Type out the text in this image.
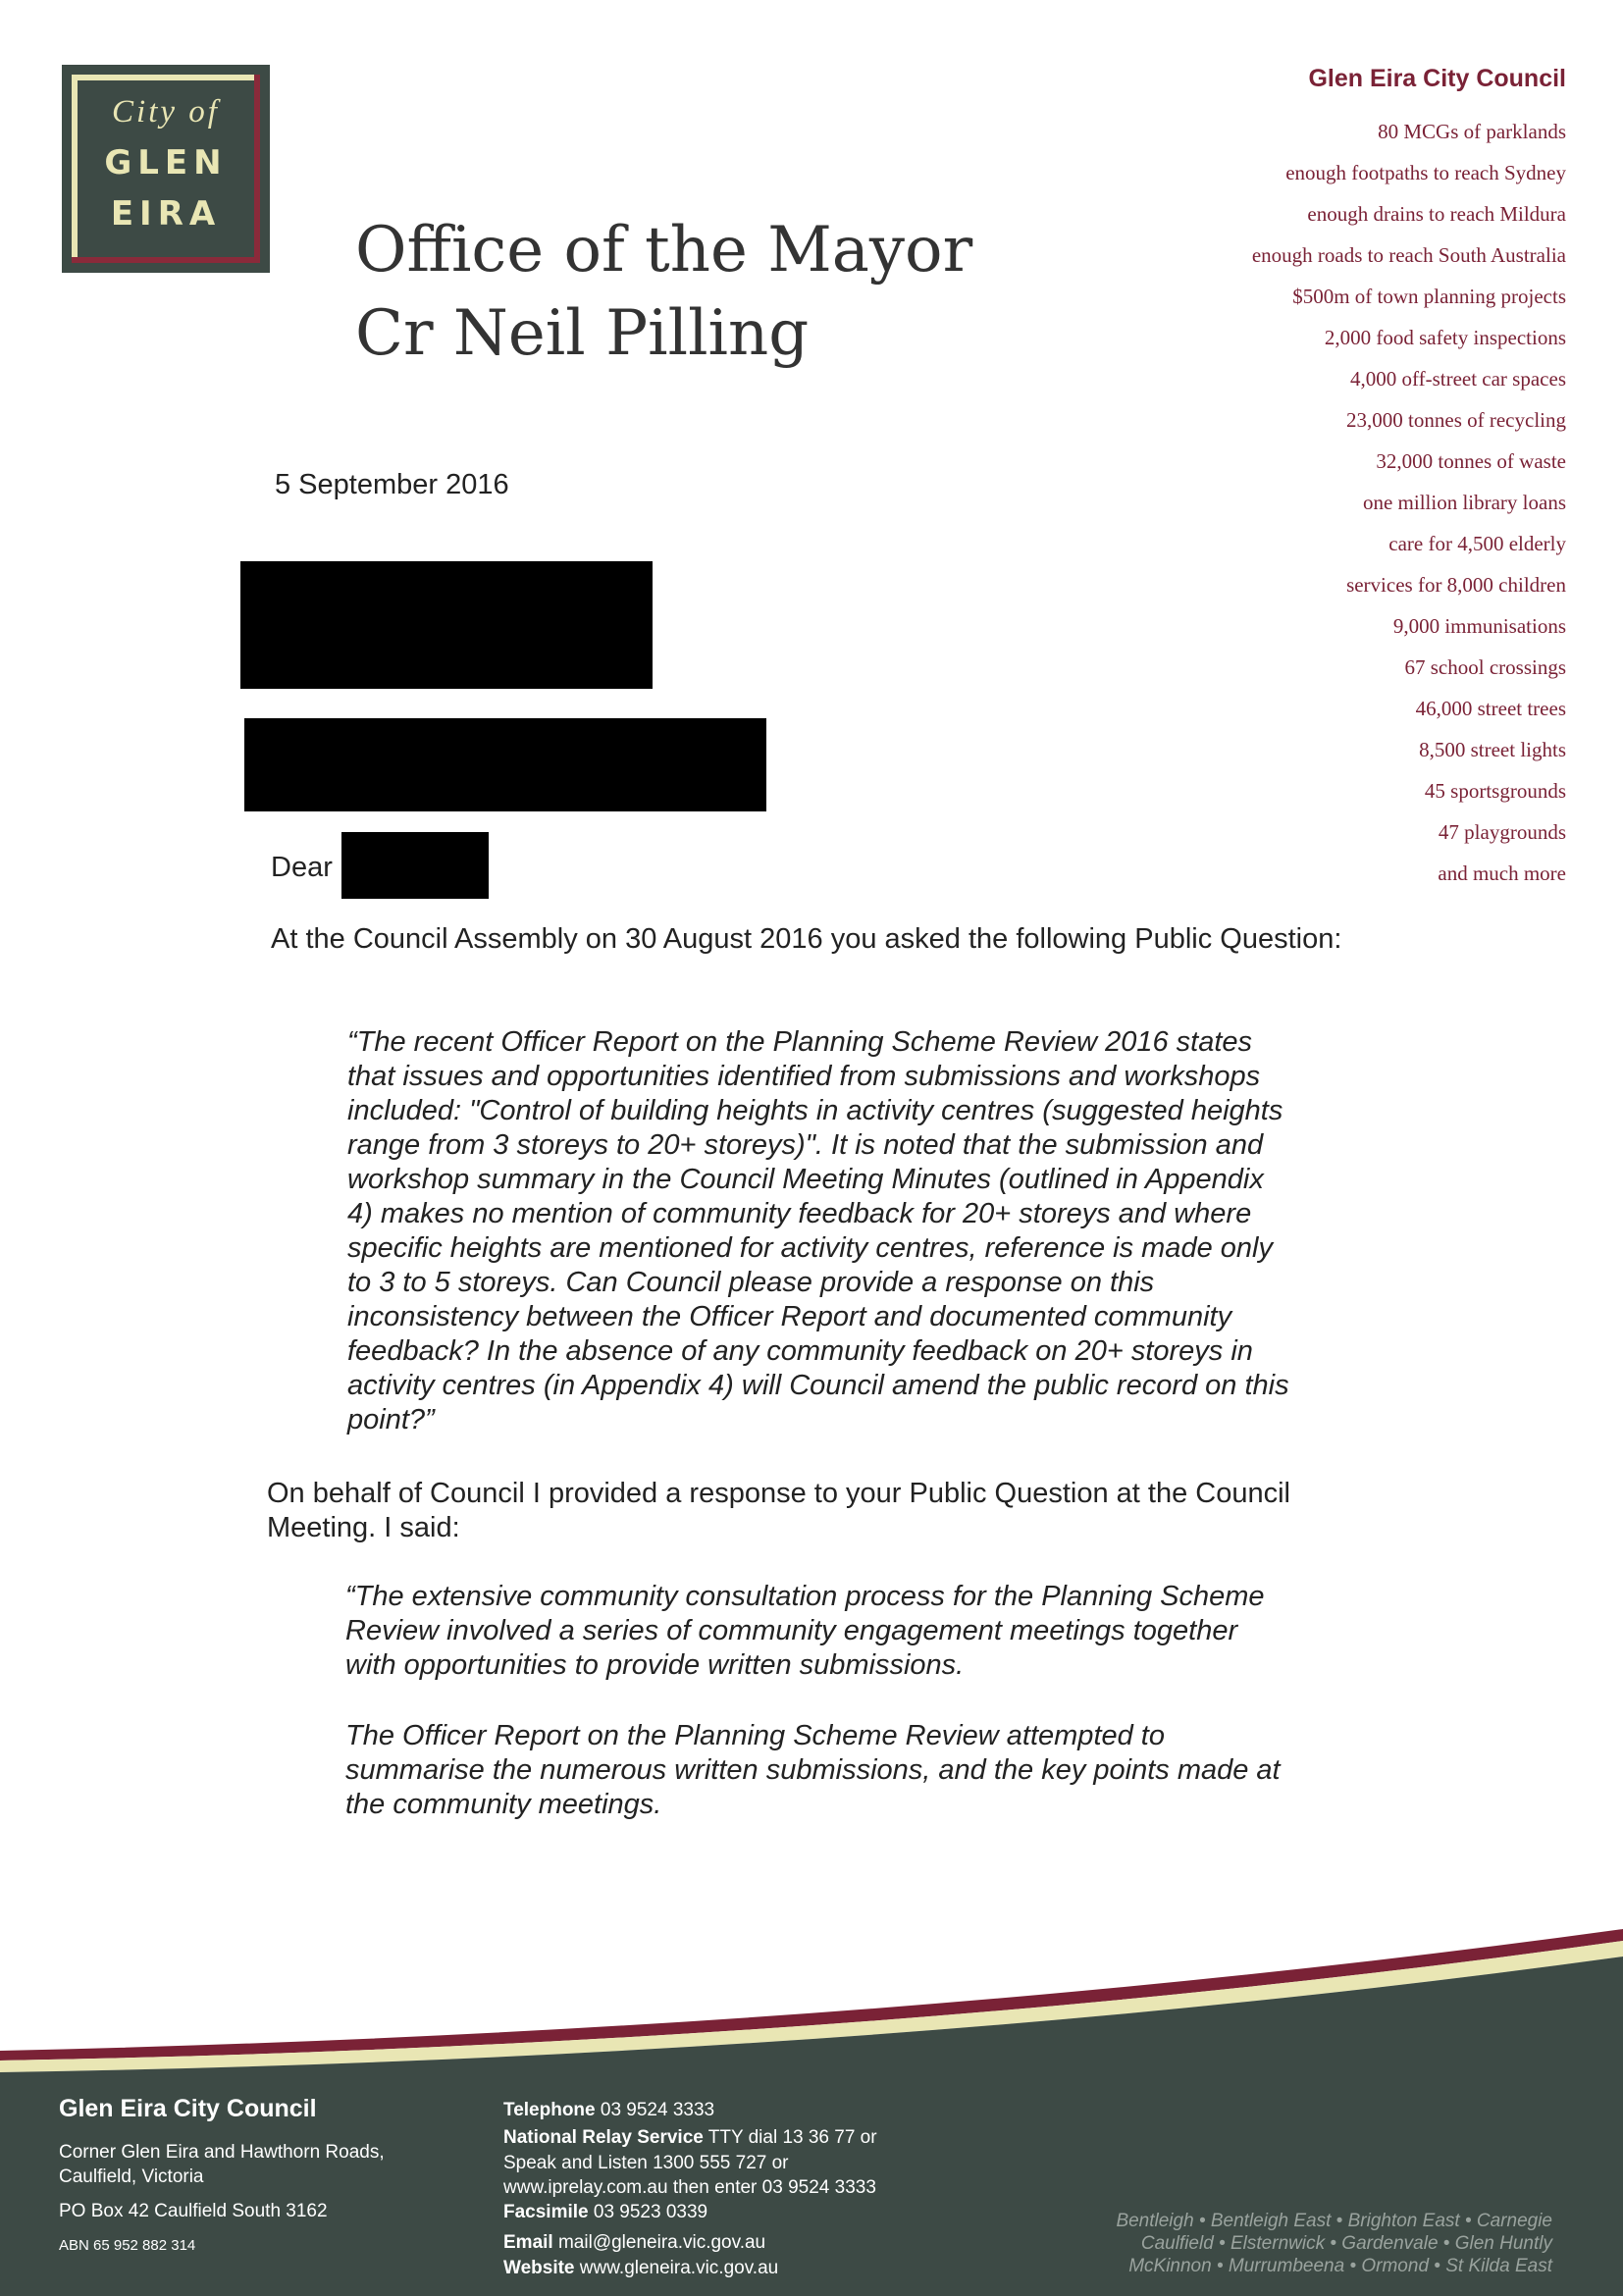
City of
GLEN
EIRA	Office of the Mayor
Cr Neil Pilling
Glen Eira City Council
80 MCGs of parklands
enough footpaths to reach Sydney
enough drains to reach Mildura
enough roads to reach South Australia
$500m of town planning projects
2,000 food safety inspections
4,000 off-street car spaces
23,000 tonnes of recycling
32,000 tonnes of waste
one million library loans
care for 4,500 elderly
services for 8,000 children
9,000 immunisations
67 school crossings
46,000 street trees
8,500 street lights
45 sportsgrounds
47 playgrounds
and much more
5 September 2016
Dear
At the Council Assembly on 30 August 2016 you asked the following Public Question:
“The recent Officer Report on the Planning Scheme Review 2016 states that issues and opportunities identified from submissions and workshops included: "Control of building heights in activity centres (suggested heights range from 3 storeys to 20+ storeys)". It is noted that the submission and workshop summary in the Council Meeting Minutes (outlined in Appendix 4) makes no mention of community feedback for 20+ storeys and where specific heights are mentioned for activity centres, reference is made only to 3 to 5 storeys. Can Council please provide a response on this inconsistency between the Officer Report and documented community feedback? In the absence of any community feedback on 20+ storeys in activity centres (in Appendix 4) will Council amend the public record on this point?”
On behalf of Council I provided a response to your Public Question at the Council Meeting. I said:
“The extensive community consultation process for the Planning Scheme Review involved a series of community engagement meetings together with opportunities to provide written submissions.
The Officer Report on the Planning Scheme Review attempted to summarise the numerous written submissions, and the key points made at the community meetings.
Glen Eira City Council
Corner Glen Eira and Hawthorn Roads,
Caulfield, Victoria
PO Box 42 Caulfield South 3162
ABN 65 952 882 314
Telephone 03 9524 3333
National Relay Service TTY dial 13 36 77 or
Speak and Listen 1300 555 727 or
www.iprelay.com.au then enter 03 9524 3333
Facsimile 03 9523 0339
Email mail@gleneira.vic.gov.au
Website www.gleneira.vic.gov.au
Bentleigh • Bentleigh East • Brighton East • Carnegie
Caulfield • Elsternwick • Gardenvale • Glen Huntly
McKinnon • Murrumbeena • Ormond • St Kilda East
